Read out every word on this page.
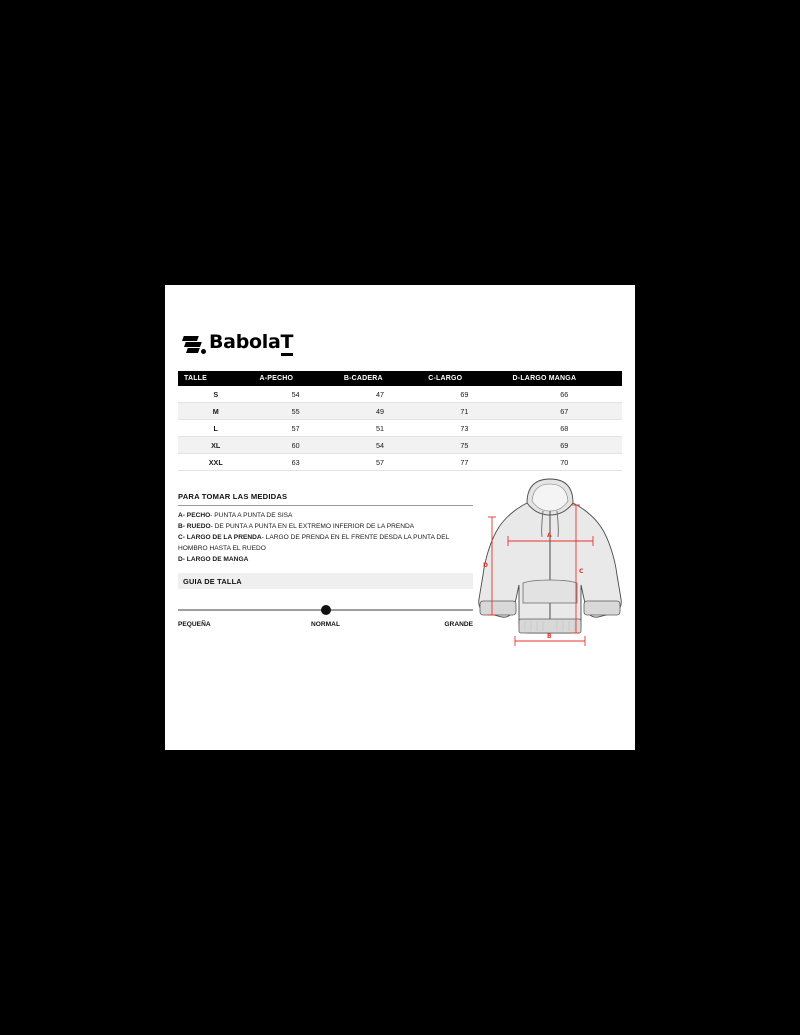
BabolaT
TALLE	A-PECHO	B-CADERA	C-LARGO	D-LARGO MANGA
S	54	47	69	66
M	55	49	71	67
L	57	51	73	68
XL	60	54	75	69
XXL	63	57	77	70
PARA TOMAR LAS MEDIDAS

A- PECHO- PUNTA A PUNTA DE SISA

B- RUEDO- DE PUNTA A PUNTA EN EL EXTREMO INFERIOR DE LA PRENDA

C- LARGO DE LA PRENDA- LARGO DE PRENDA EN EL FRENTE DESDA LA PUNTA DEL HOMBRO HASTA EL RUEDO

D- LARGO DE MANGA

GUIA DE TALLA
PEQUEÑA	NORMAL	GRANDE
A
C
D
B
